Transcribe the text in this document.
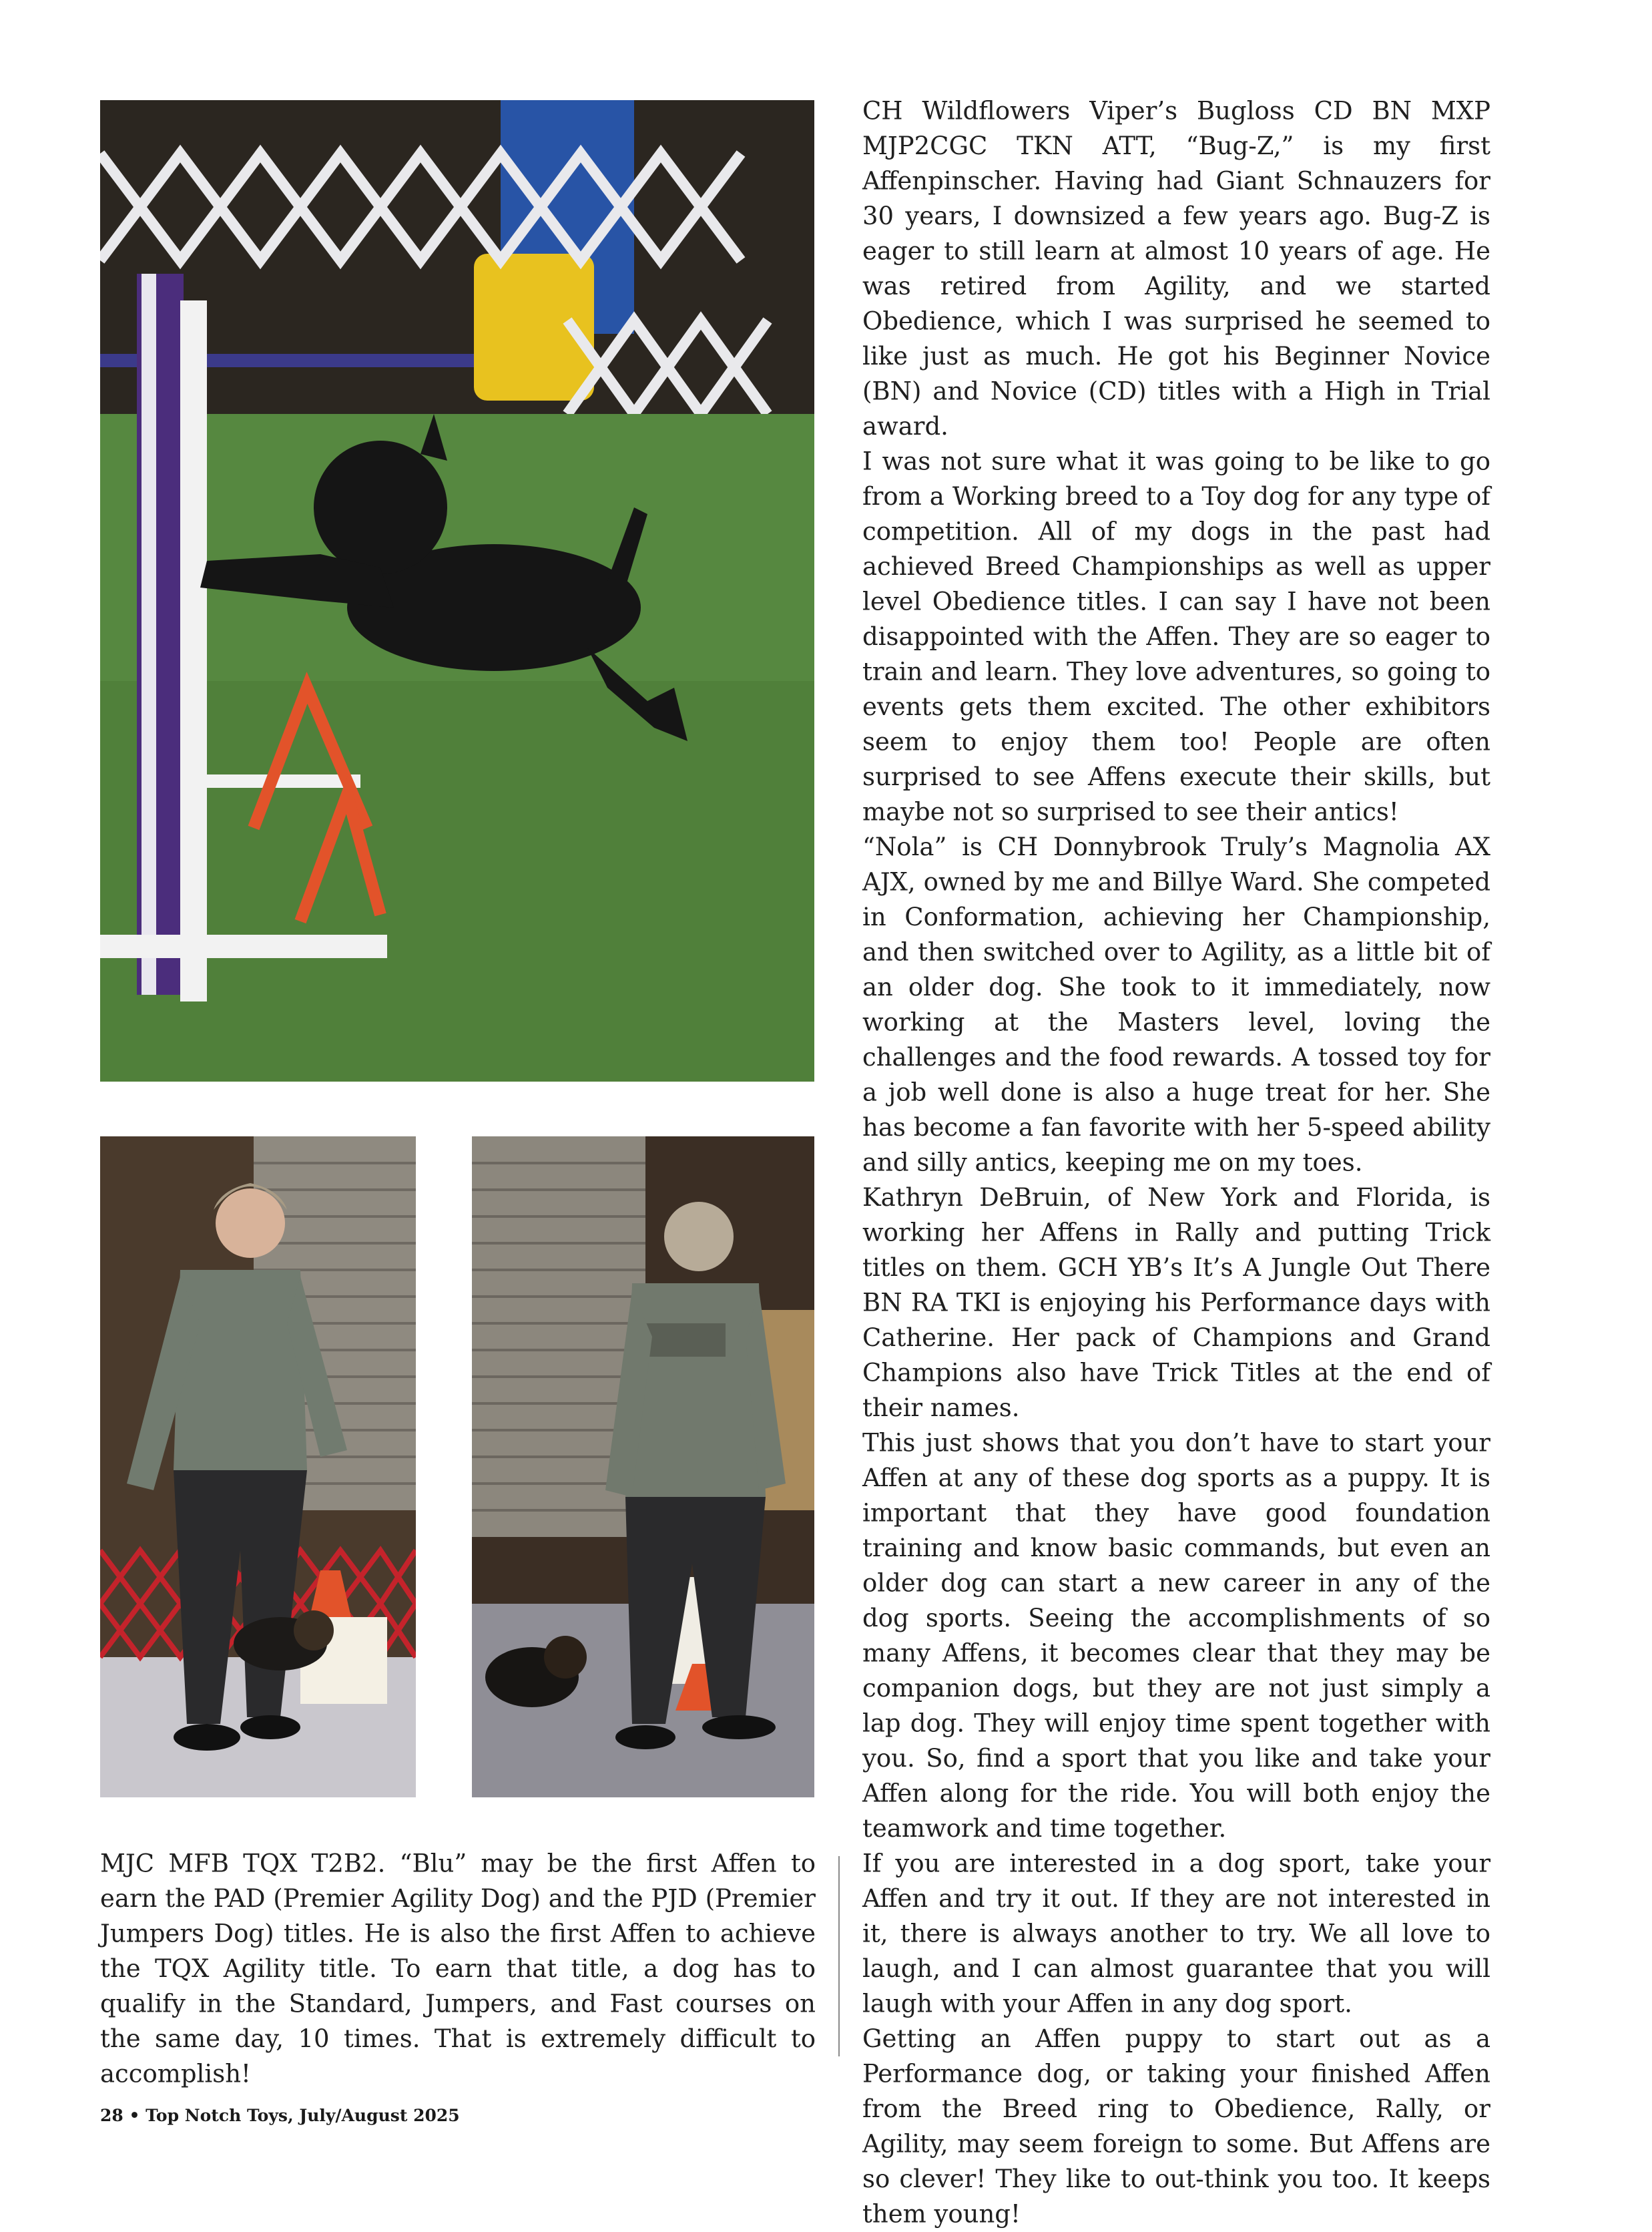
CH Wildflowers Viper’s Bugloss CD BN MXP MJP2CGC TKN ATT, “Bug-Z,” is my first Affenpinscher. Having had Giant Schnauzers for 30 years, I downsized a few years ago. Bug-Z is eager to still learn at almost 10 years of age. He was retired from Agility, and we started Obedience, which I was surprised he seemed to like just as much. He got his Beginner Novice (BN) and Novice (CD) titles with a High in Trial award.

I was not sure what it was going to be like to go from a Working breed to a Toy dog for any type of competition. All of my dogs in the past had achieved Breed Championships as well as upper level Obedience titles. I can say I have not been disappointed with the Affen. They are so eager to train and learn. They love adventures, so going to events gets them excited. The other exhibitors seem to enjoy them too! People are often surprised to see Affens execute their skills, but maybe not so surprised to see their antics!

“Nola” is CH Donnybrook Truly’s Magnolia AX AJX, owned by me and Billye Ward. She competed in Conformation, achieving her Championship, and then switched over to Agility, as a little bit of an older dog. She took to it immediately, now working at the Masters level, loving the challenges and the food rewards. A tossed toy for a job well done is also a huge treat for her. She has become a fan favorite with her 5-speed ability and silly antics, keeping me on my toes.

Kathryn DeBruin, of New York and Florida, is working her Affens in Rally and putting Trick titles on them. GCH YB’s It’s A Jungle Out There BN RA TKI is enjoying his Performance days with Catherine. Her pack of Champions and Grand Champions also have Trick Titles at the end of their names.

This just shows that you don’t have to start your Affen at any of these dog sports as a puppy. It is important that they have good foundation training and know basic commands, but even an older dog can start a new career in any of the dog sports. Seeing the accomplishments of so many Affens, it becomes clear that they may be companion dogs, but they are not just simply a lap dog. They will enjoy time spent together with you. So, find a sport that you like and take your Affen along for the ride. You will both enjoy the teamwork and time together.

If you are interested in a dog sport, take your Affen and try it out. If they are not interested in it, there is always another to try. We all love to laugh, and I can almost guarantee that you will laugh with your Affen in any dog sport.

Getting an Affen puppy to start out as a Performance dog, or taking your finished Affen from the Breed ring to Obedience, Rally, or Agility, may seem foreign to some. But Affens are so clever! They like to out-think you too. It keeps them young!

MJC MFB TQX T2B2. “Blu” may be the first Affen to earn the PAD (Premier Agility Dog) and the PJD (Premier Jumpers Dog) titles. He is also the first Affen to achieve the TQX Agility title. To earn that title, a dog has to qualify in the Standard, Jumpers, and Fast courses on the same day, 10 times. That is extremely difficult to accomplish!

28 • Top Notch Toys, July/August 2025
